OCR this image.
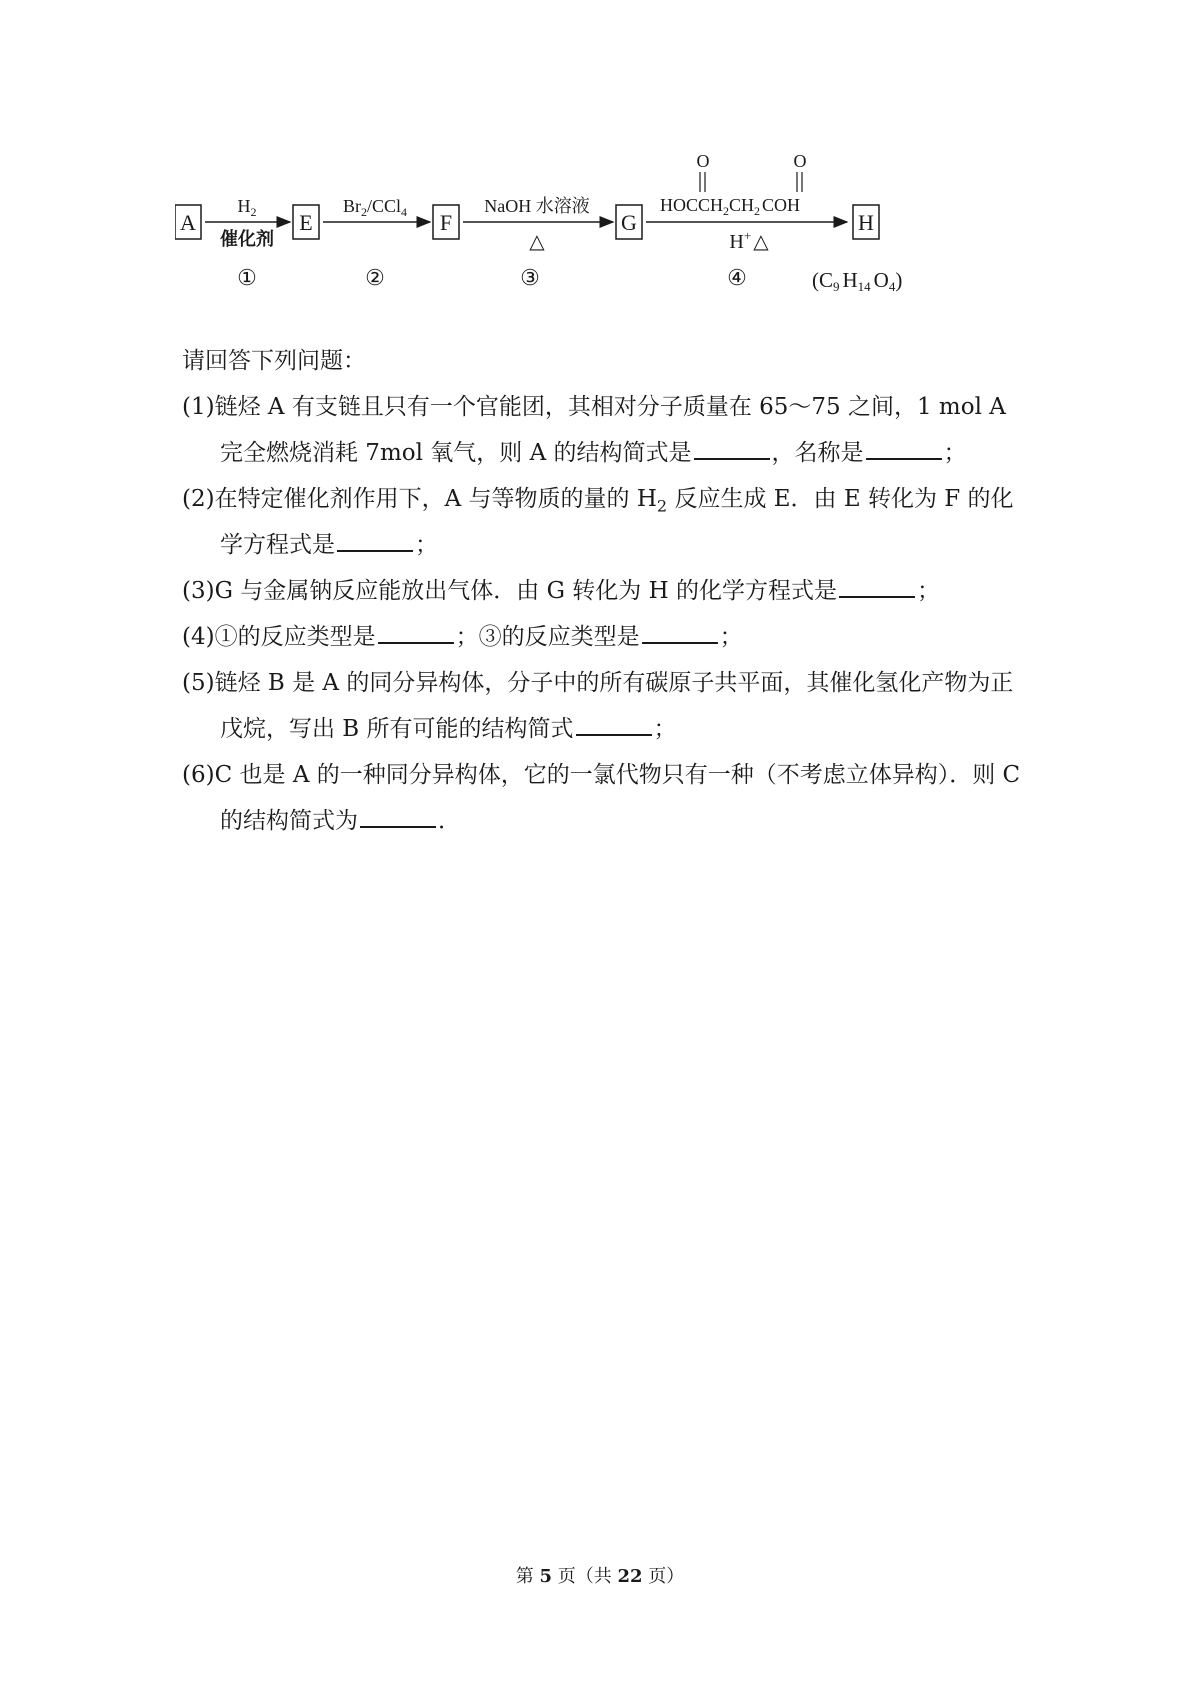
A
$H_2$
催化剂
①
E
$Br_2/CCl_4$
②
F
NaOH 水溶液
△
③
G
O	O
$HOCCH_2CH_2$ COH
H+ △
④
H
(C9 H14 O4)

请回答下列问题：

(1)链烃 A 有支链且只有一个官能团，其相对分子质量在 65～75 之间，1 mol A 完全燃烧消耗 7mol 氧气，则 A 的结构简式是	，名称是	；

(2)在特定催化剂作用下，A 与等物质的量的 $H_2$ 反应生成 E．由 E 转化为 F 的化学方程式是	；

(3)G 与金属钠反应能放出气体．由 G 转化为 H 的化学方程式是	；

(4)①的反应类型是	；③的反应类型是	；

(5)链烃 B 是 A 的同分异构体，分子中的所有碳原子共平面，其催化氢化产物为正戊烷，写出 B 所有可能的结构简式	；

(6)C 也是 A 的一种同分异构体，它的一氯代物只有一种（不考虑立体异构）．则 C 的结构简式为	．

第 5 页（共 22 页）
